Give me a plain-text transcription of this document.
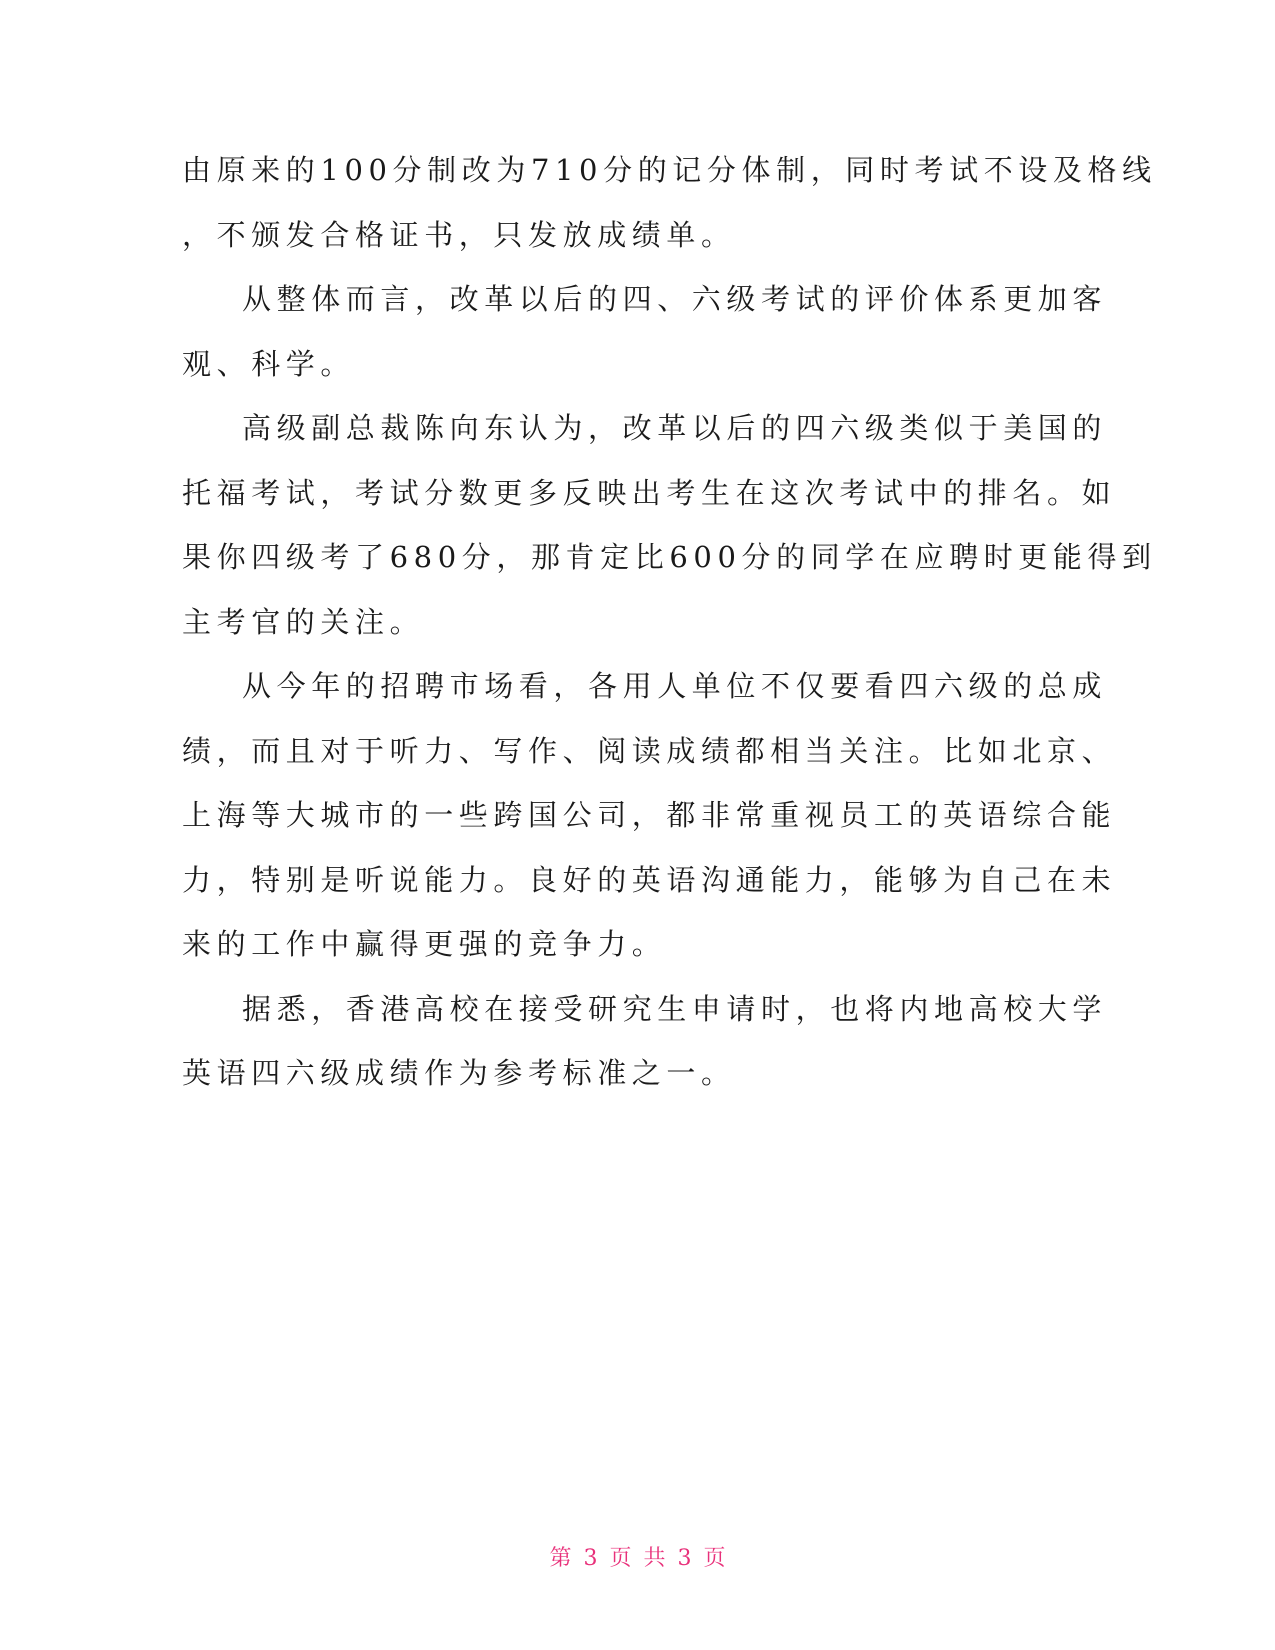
由原来的100分制改为710分的记分体制，同时考试不设及格线
，不颁发合格证书，只发放成绩单。
从整体而言，改革以后的四、六级考试的评价体系更加客
观、科学。
高级副总裁陈向东认为，改革以后的四六级类似于美国的
托福考试，考试分数更多反映出考生在这次考试中的排名。如
果你四级考了680分，那肯定比600分的同学在应聘时更能得到
主考官的关注。
从今年的招聘市场看，各用人单位不仅要看四六级的总成
绩，而且对于听力、写作、阅读成绩都相当关注。比如北京、
上海等大城市的一些跨国公司，都非常重视员工的英语综合能
力，特别是听说能力。良好的英语沟通能力，能够为自己在未
来的工作中赢得更强的竞争力。
据悉，香港高校在接受研究生申请时，也将内地高校大学
英语四六级成绩作为参考标准之一。
第 3 页 共 3 页
